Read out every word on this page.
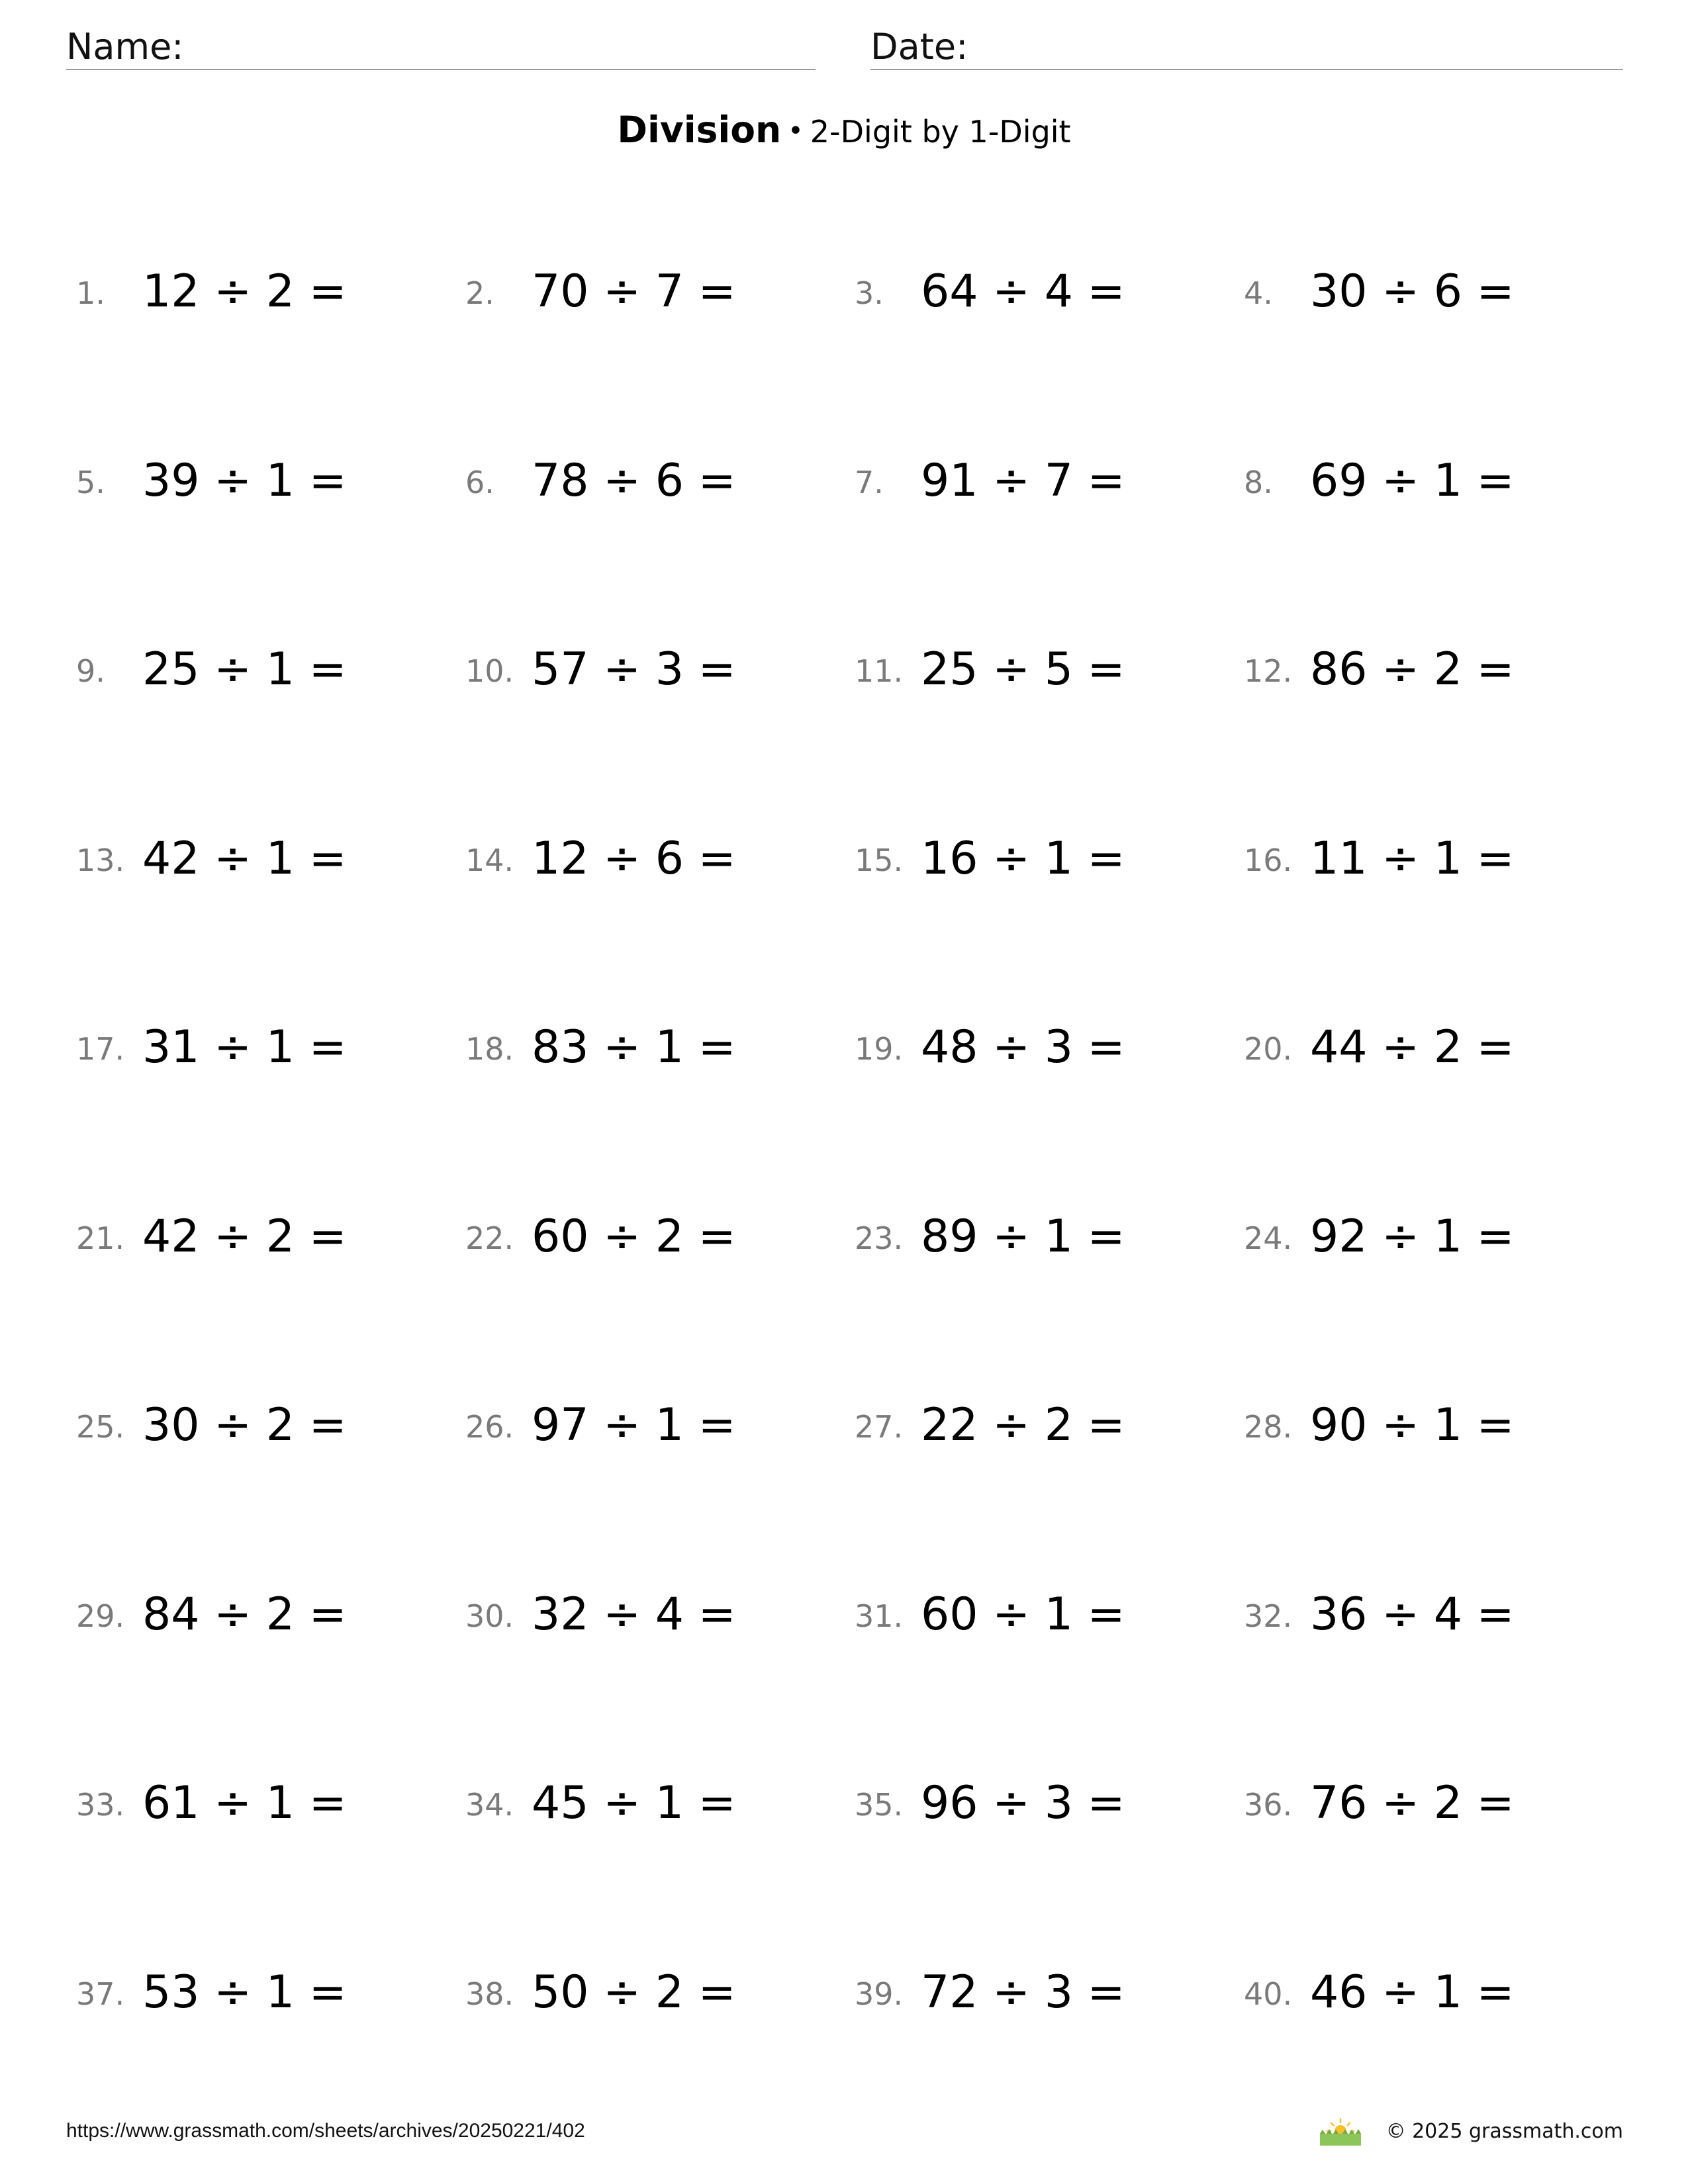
Name:	Date:
Division • 2-Digit by 1-Digit
1. 12 ÷ 2 =	2. 70 ÷ 7 =	3. 64 ÷ 4 =	4. 30 ÷ 6 =
5. 39 ÷ 1 =	6. 78 ÷ 6 =	7. 91 ÷ 7 =	8. 69 ÷ 1 =
9. 25 ÷ 1 =	10. 57 ÷ 3 =	11. 25 ÷ 5 =	12. 86 ÷ 2 =
13. 42 ÷ 1 =	14. 12 ÷ 6 =	15. 16 ÷ 1 =	16. 11 ÷ 1 =
17. 31 ÷ 1 =	18. 83 ÷ 1 =	19. 48 ÷ 3 =	20. 44 ÷ 2 =
21. 42 ÷ 2 =	22. 60 ÷ 2 =	23. 89 ÷ 1 =	24. 92 ÷ 1 =
25. 30 ÷ 2 =	26. 97 ÷ 1 =	27. 22 ÷ 2 =	28. 90 ÷ 1 =
29. 84 ÷ 2 =	30. 32 ÷ 4 =	31. 60 ÷ 1 =	32. 36 ÷ 4 =
33. 61 ÷ 1 =	34. 45 ÷ 1 =	35. 96 ÷ 3 =	36. 76 ÷ 2 =
37. 53 ÷ 1 =	38. 50 ÷ 2 =	39. 72 ÷ 3 =	40. 46 ÷ 1 =
https://www.grassmath.com/sheets/archives/20250221/402	© 2025 grassmath.com
